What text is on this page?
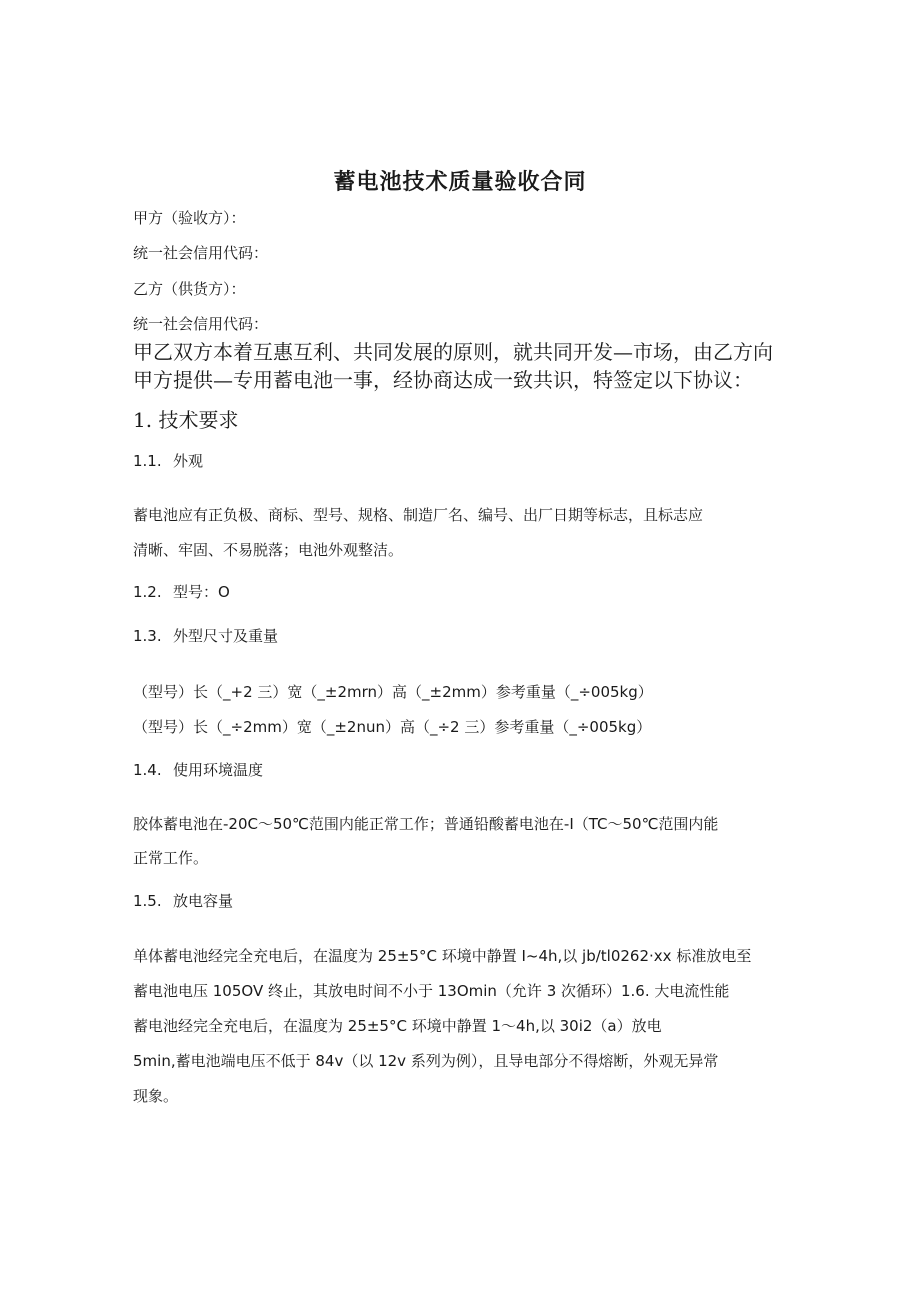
蓄电池技术质量验收合同

甲方（验收方）：

统一社会信用代码：

乙方（供货方）：

统一社会信用代码：

甲乙双方本着互惠互利、共同发展的原则，就共同开发—市场，由乙方向

甲方提供—专用蓄电池一事，经协商达成一致共识，特签定以下协议：

1. 技术要求

1.1. 外观

蓄电池应有正负极、商标、型号、规格、制造厂名、编号、出厂日期等标志，且标志应

清晰、牢固、不易脱落；电池外观整洁。

1.2. 型号：O

1.3. 外型尺寸及重量

（型号）长（_+2 三）宽（_±2mrn）高（_±2mm）参考重量（_÷005kg）

（型号）长（_÷2mm）宽（_±2nun）高（_÷2 三）参考重量（_÷005kg）

1.4. 使用环境温度

胶体蓄电池在-20C～50℃范围内能正常工作；普通铅酸蓄电池在-I（TC～50℃范围内能

正常工作。

1.5. 放电容量

单体蓄电池经完全充电后，在温度为 25±5°C 环境中静置 I~4h,以 jb∕tl0262·xx 标准放电至

蓄电池电压 105OV 终止，其放电时间不小于 13Omin（允许 3 次循环）1.6. 大电流性能

蓄电池经完全充电后，在温度为 25±5°C 环境中静置 1～4h,以 30i2（a）放电

5min,蓄电池端电压不低于 84v（以 12v 系列为例），且导电部分不得熔断，外观无异常

现象。
